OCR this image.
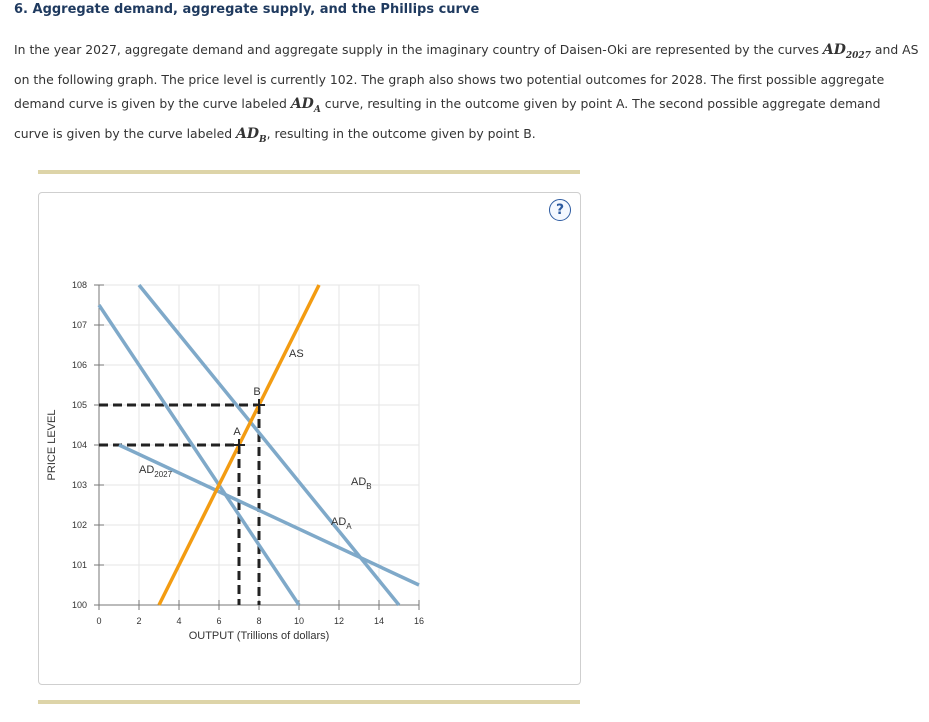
6. Aggregate demand, aggregate supply, and the Phillips curve
In the year 2027, aggregate demand and aggregate supply in the imaginary country of Daisen-Oki are represented by the curves $AD_{2027}$ and AS on the following graph. The price level is currently 102. The graph also shows two potential outcomes for 2028. The first possible aggregate demand curve is given by the curve labeled $AD_A$ curve, resulting in the outcome given by point A. The second possible aggregate demand curve is given by the curve labeled $AD_B$, resulting in the outcome given by point B.
?
100
101
102
103
104
105
106
107
108
0	2	4	6	8	10	12	14	16
OUTPUT (Trillions of dollars)
PRICE LEVEL	$AD_{2027}$
$AD_A$
$AD_B$
AS
A
B
